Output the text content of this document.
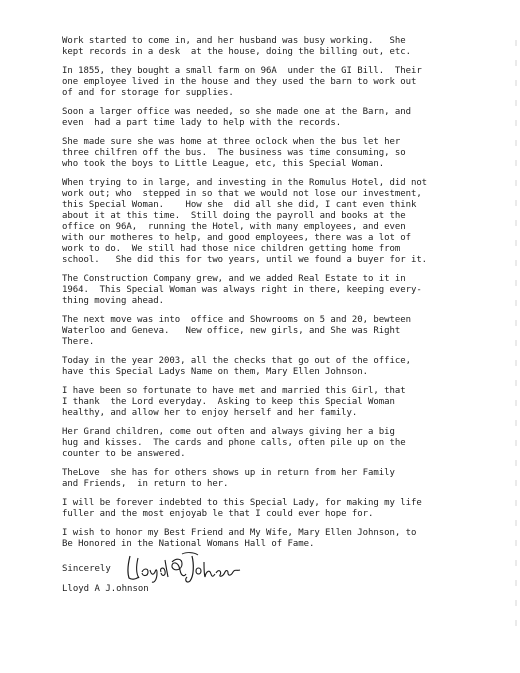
Work started to come in, and her husband was busy working.   She
kept records in a desk  at the house, doing the billing out, etc.

In 1855, they bought a small farm on 96A  under the GI Bill.  Their
one employee lived in the house and they used the barn to work out
of and for storage for supplies.

Soon a larger office was needed, so she made one at the Barn, and
even  had a part time lady to help with the records.

She made sure she was home at three oclock when the bus let her
three chilfren off the bus.  The business was time consuming, so
who took the boys to Little League, etc, this Special Woman.

When trying to in large, and investing in the Romulus Hotel, did not
work out; who  stepped in so that we would not lose our investment,
this Special Woman.    How she  did all she did, I cant even think
about it at this time.  Still doing the payroll and books at the
office on 96A,  running the Hotel, with many employees, and even
with our motheres to help, and good employees, there was a lot of
work to do.  We still had those nice children getting home from
school.   She did this for two years, until we found a buyer for it.

The Construction Company grew, and we added Real Estate to it in
1964.  This Special Woman was always right in there, keeping every-
thing moving ahead.

The next move was into  office and Showrooms on 5 and 20, bewteen
Waterloo and Geneva.   New office, new girls, and She was Right
There.

Today in the year 2003, all the checks that go out of the office,
have this Special Ladys Name on them, Mary Ellen Johnson.

I have been so fortunate to have met and married this Girl, that
I thank  the Lord everyday.  Asking to keep this Special Woman
healthy, and allow her to enjoy herself and her family.

Her Grand children, come out often and always giving her a big
hug and kisses.  The cards and phone calls, often pile up on the
counter to be answered.

TheLove  she has for others shows up in return from her Family
and Friends,  in return to her.

I will be forever indebted to this Special Lady, for making my life
fuller and the most enjoyab le that I could ever hope for.

I wish to honor my Best Friend and My Wife, Mary Ellen Johnson, to
Be Honored in the National Womans Hall of Fame.

Sincerely

Lloyd A J.ohnson
